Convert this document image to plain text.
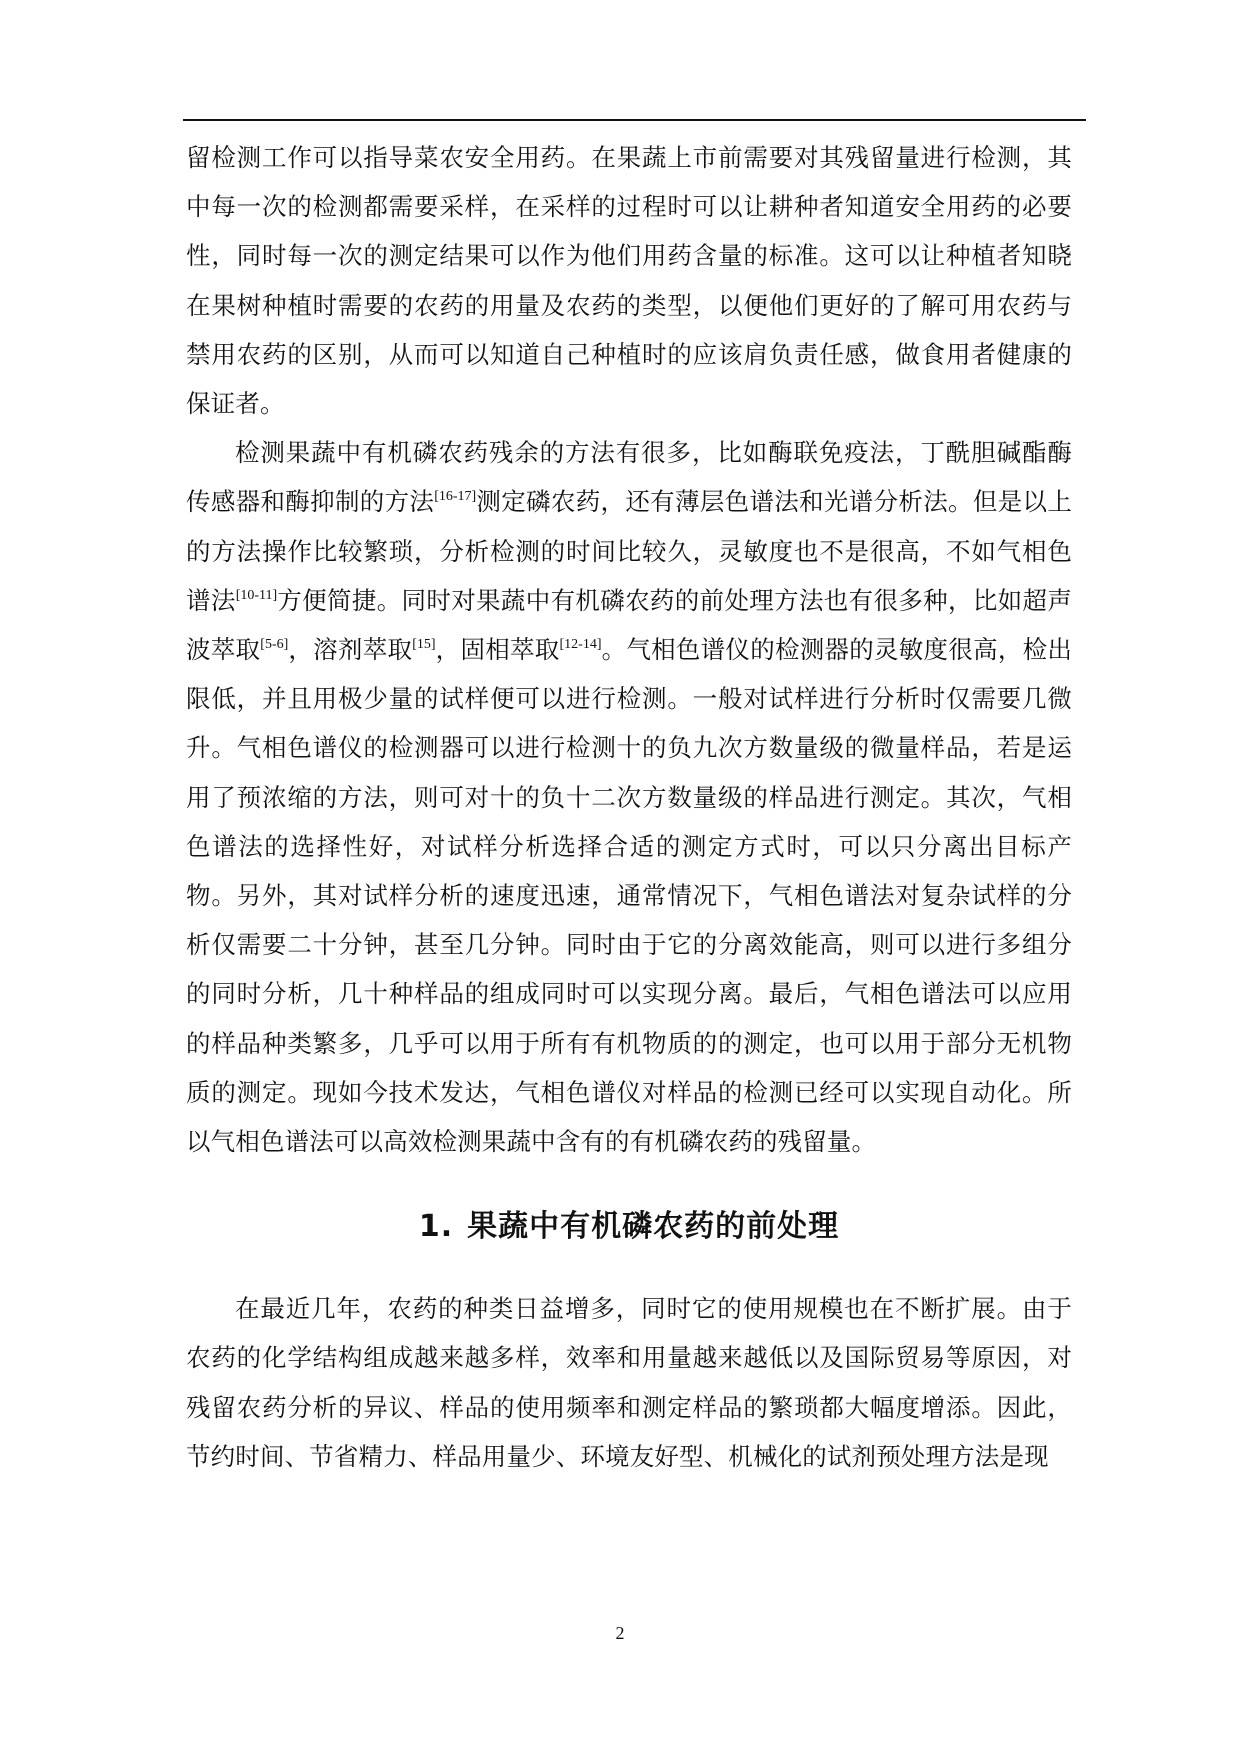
留检测工作可以指导菜农安全用药。在果蔬上市前需要对其残留量进行检测，其中每一次的检测都需要采样，在采样的过程时可以让耕种者知道安全用药的必要性，同时每一次的测定结果可以作为他们用药含量的标准。这可以让种植者知晓在果树种植时需要的农药的用量及农药的类型，以便他们更好的了解可用农药与禁用农药的区别，从而可以知道自己种植时的应该肩负责任感，做食用者健康的保证者。

检测果蔬中有机磷农药残余的方法有很多，比如酶联免疫法，丁酰胆碱酯酶传感器和酶抑制的方法[16-17]测定磷农药，还有薄层色谱法和光谱分析法。但是以上的方法操作比较繁琐，分析检测的时间比较久，灵敏度也不是很高，不如气相色谱法[10-11]方便简捷。同时对果蔬中有机磷农药的前处理方法也有很多种，比如超声波萃取[5-6]，溶剂萃取[15]，固相萃取[12-14]。气相色谱仪的检测器的灵敏度很高，检出限低，并且用极少量的试样便可以进行检测。一般对试样进行分析时仅需要几微升。气相色谱仪的检测器可以进行检测十的负九次方数量级的微量样品，若是运用了预浓缩的方法，则可对十的负十二次方数量级的样品进行测定。其次，气相色谱法的选择性好，对试样分析选择合适的测定方式时，可以只分离出目标产物。另外，其对试样分析的速度迅速，通常情况下，气相色谱法对复杂试样的分析仅需要二十分钟，甚至几分钟。同时由于它的分离效能高，则可以进行多组分的同时分析，几十种样品的组成同时可以实现分离。最后，气相色谱法可以应用的样品种类繁多，几乎可以用于所有有机物质的的测定，也可以用于部分无机物质的测定。现如今技术发达，气相色谱仪对样品的检测已经可以实现自动化。所以气相色谱法可以高效检测果蔬中含有的有机磷农药的残留量。

1. 果蔬中有机磷农药的前处理

在最近几年，农药的种类日益增多，同时它的使用规模也在不断扩展。由于农药的化学结构组成越来越多样，效率和用量越来越低以及国际贸易等原因，对残留农药分析的异议、样品的使用频率和测定样品的繁琐都大幅度增添。因此，节约时间、节省精力、样品用量少、环境友好型、机械化的试剂预处理方法是现

2
